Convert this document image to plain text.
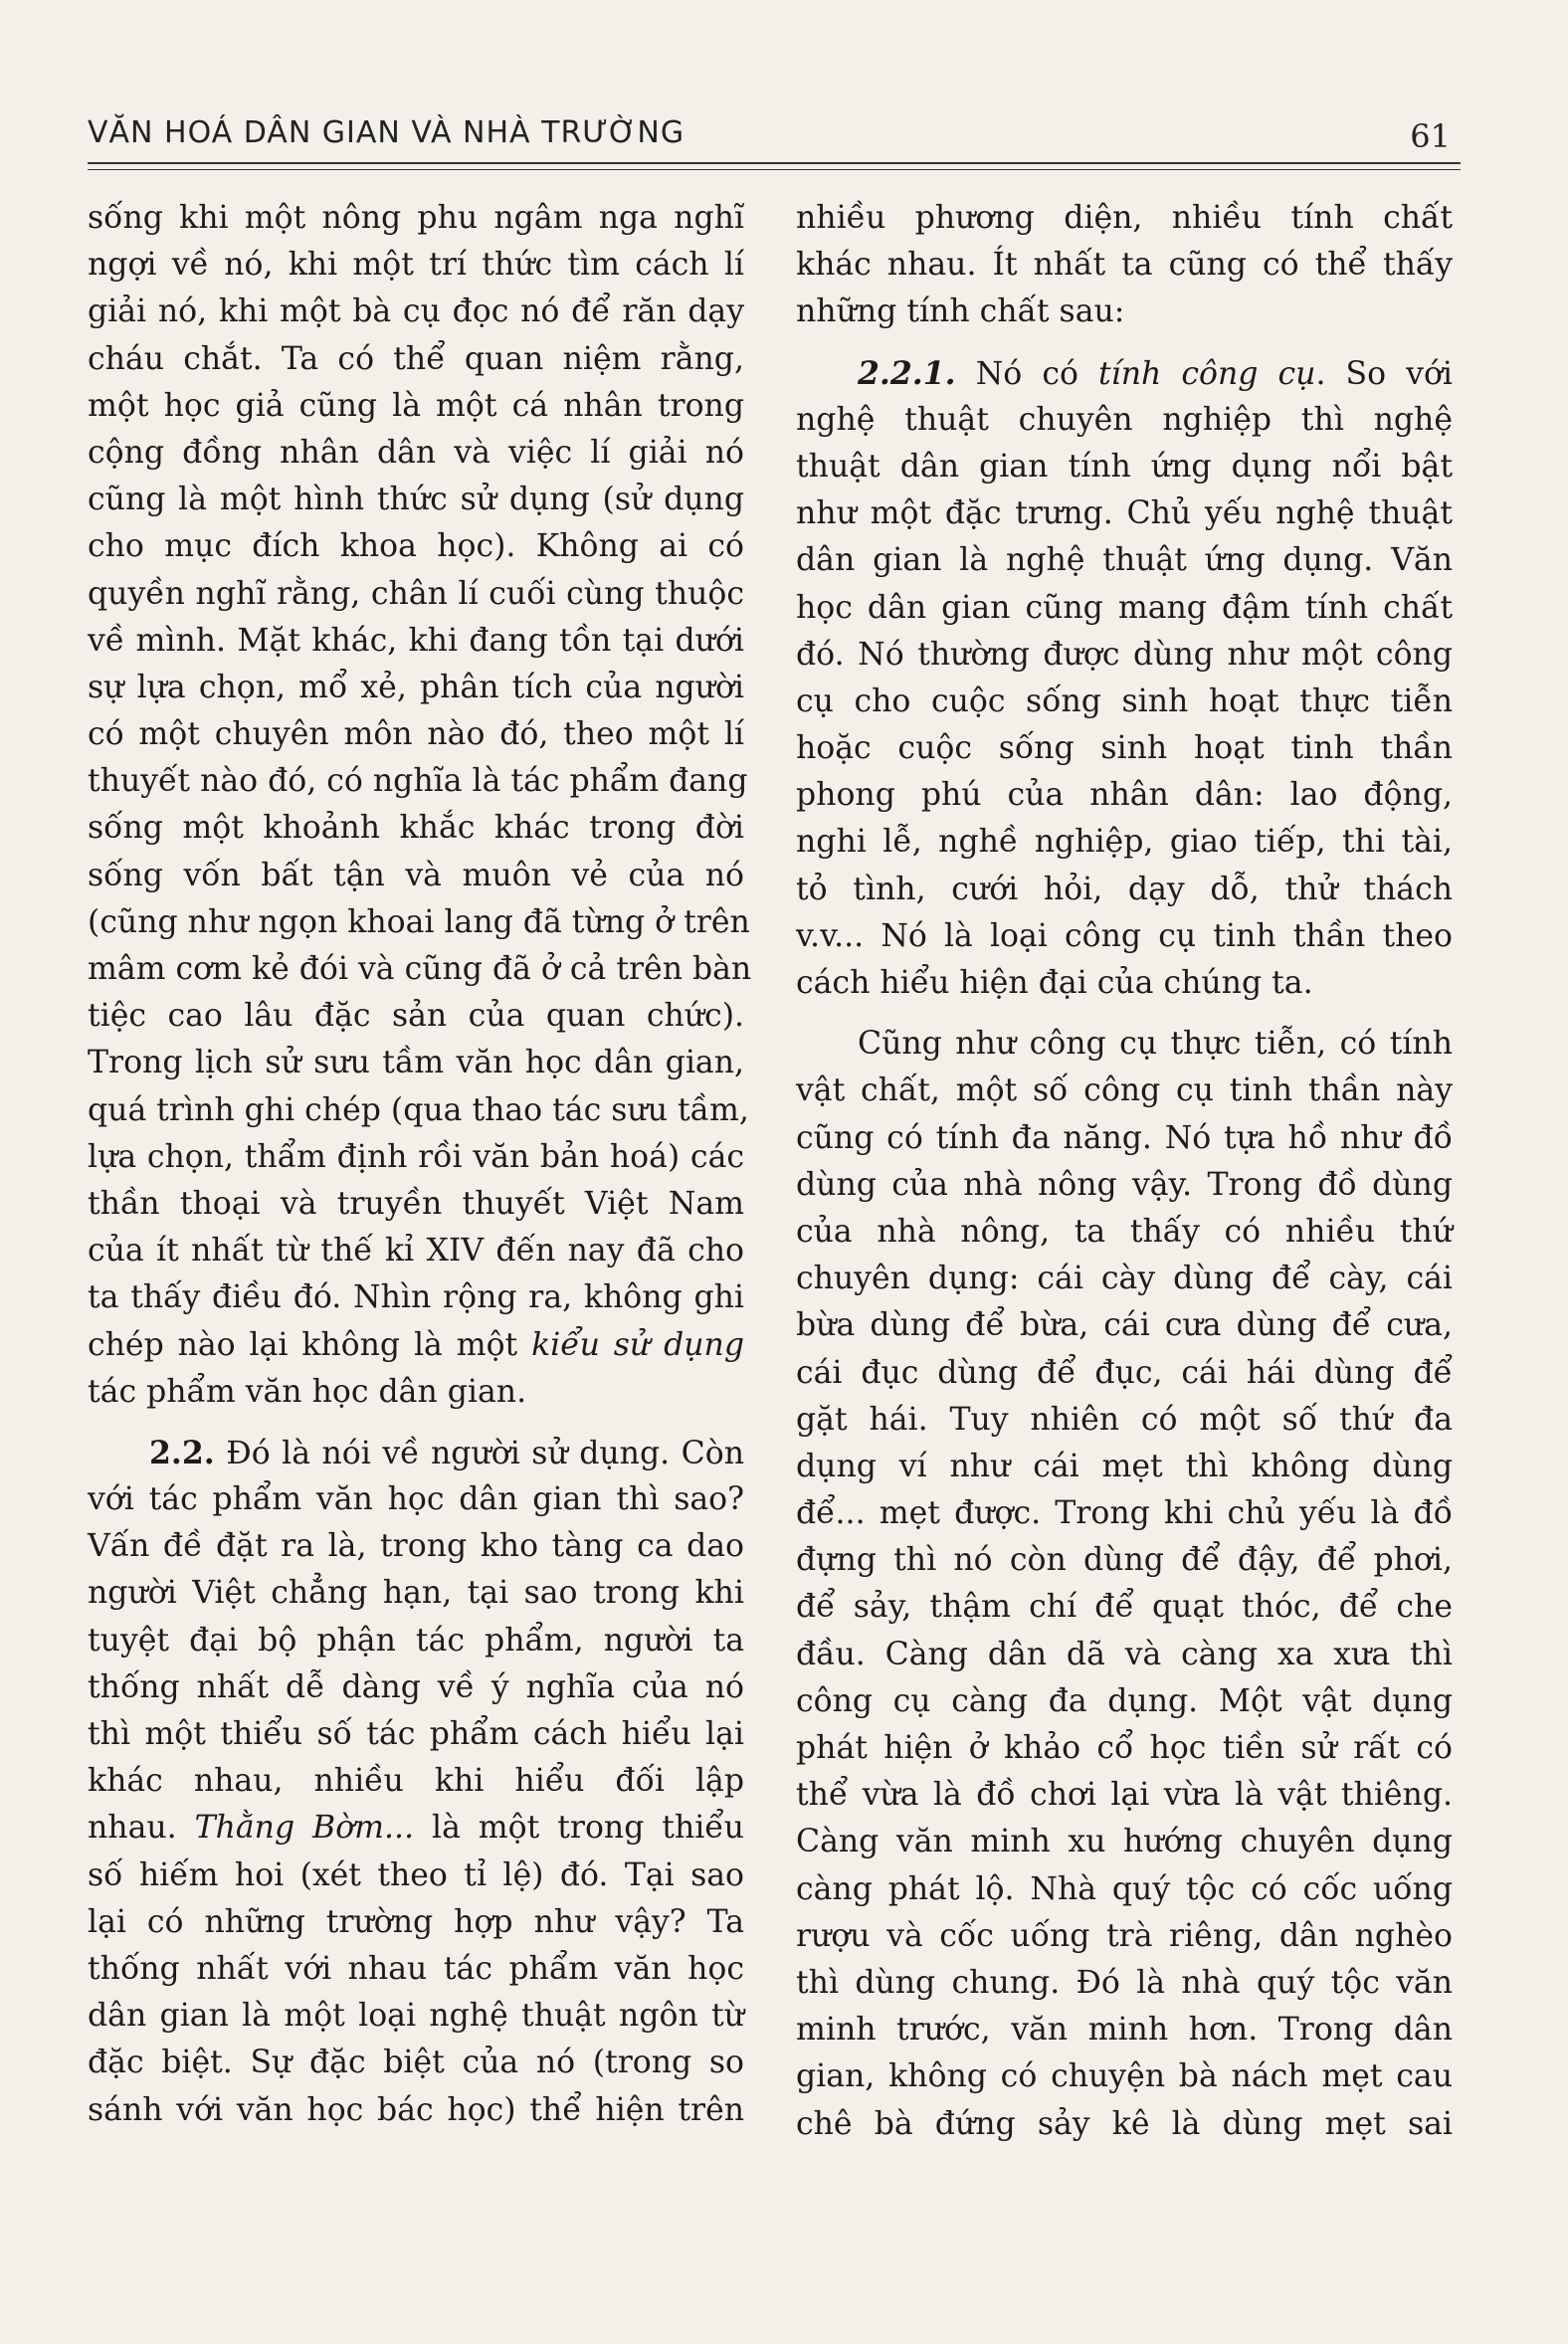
VĂN HOÁ DÂN GIAN VÀ NHÀ TRƯỜNG	61
sống khi một nông phu ngâm nga nghĩ
ngợi về nó, khi một trí thức tìm cách lí
giải nó, khi một bà cụ đọc nó để răn dạy
cháu chắt. Ta có thể quan niệm rằng,
một học giả cũng là một cá nhân trong
cộng đồng nhân dân và việc lí giải nó
cũng là một hình thức sử dụng (sử dụng
cho mục đích khoa học). Không ai có
quyền nghĩ rằng, chân lí cuối cùng thuộc
về mình. Mặt khác, khi đang tồn tại dưới
sự lựa chọn, mổ xẻ, phân tích của người
có một chuyên môn nào đó, theo một lí
thuyết nào đó, có nghĩa là tác phẩm đang
sống một khoảnh khắc khác trong đời
sống vốn bất tận và muôn vẻ của nó
(cũng như ngọn khoai lang đã từng ở trên
mâm cơm kẻ đói và cũng đã ở cả trên bàn
tiệc cao lâu đặc sản của quan chức).
Trong lịch sử sưu tầm văn học dân gian,
quá trình ghi chép (qua thao tác sưu tầm,
lựa chọn, thẩm định rồi văn bản hoá) các
thần thoại và truyền thuyết Việt Nam
của ít nhất từ thế kỉ XIV đến nay đã cho
ta thấy điều đó. Nhìn rộng ra, không ghi
chép nào lại không là một kiểu sử dụng
tác phẩm văn học dân gian.
2.2. Đó là nói về người sử dụng. Còn
với tác phẩm văn học dân gian thì sao?
Vấn đề đặt ra là, trong kho tàng ca dao
người Việt chẳng hạn, tại sao trong khi
tuyệt đại bộ phận tác phẩm, người ta
thống nhất dễ dàng về ý nghĩa của nó
thì một thiểu số tác phẩm cách hiểu lại
khác nhau, nhiều khi hiểu đối lập
nhau. Thằng Bờm... là một trong thiểu
số hiếm hoi (xét theo tỉ lệ) đó. Tại sao
lại có những trường hợp như vậy? Ta
thống nhất với nhau tác phẩm văn học
dân gian là một loại nghệ thuật ngôn từ
đặc biệt. Sự đặc biệt của nó (trong so
sánh với văn học bác học) thể hiện trên
nhiều phương diện, nhiều tính chất
khác nhau. Ít nhất ta cũng có thể thấy
những tính chất sau:
2.2.1. Nó có tính công cụ. So với
nghệ thuật chuyên nghiệp thì nghệ
thuật dân gian tính ứng dụng nổi bật
như một đặc trưng. Chủ yếu nghệ thuật
dân gian là nghệ thuật ứng dụng. Văn
học dân gian cũng mang đậm tính chất
đó. Nó thường được dùng như một công
cụ cho cuộc sống sinh hoạt thực tiễn
hoặc cuộc sống sinh hoạt tinh thần
phong phú của nhân dân: lao động,
nghi lễ, nghề nghiệp, giao tiếp, thi tài,
tỏ tình, cưới hỏi, dạy dỗ, thử thách
v.v... Nó là loại công cụ tinh thần theo
cách hiểu hiện đại của chúng ta.
Cũng như công cụ thực tiễn, có tính
vật chất, một số công cụ tinh thần này
cũng có tính đa năng. Nó tựa hồ như đồ
dùng của nhà nông vậy. Trong đồ dùng
của nhà nông, ta thấy có nhiều thứ
chuyên dụng: cái cày dùng để cày, cái
bừa dùng để bừa, cái cưa dùng để cưa,
cái đục dùng để đục, cái hái dùng để
gặt hái. Tuy nhiên có một số thứ đa
dụng ví như cái mẹt thì không dùng
để... mẹt được. Trong khi chủ yếu là đồ
đựng thì nó còn dùng để đậy, để phơi,
để sảy, thậm chí để quạt thóc, để che
đầu. Càng dân dã và càng xa xưa thì
công cụ càng đa dụng. Một vật dụng
phát hiện ở khảo cổ học tiền sử rất có
thể vừa là đồ chơi lại vừa là vật thiêng.
Càng văn minh xu hướng chuyên dụng
càng phát lộ. Nhà quý tộc có cốc uống
rượu và cốc uống trà riêng, dân nghèo
thì dùng chung. Đó là nhà quý tộc văn
minh trước, văn minh hơn. Trong dân
gian, không có chuyện bà nách mẹt cau
chê bà đứng sảy kê là dùng mẹt sai
